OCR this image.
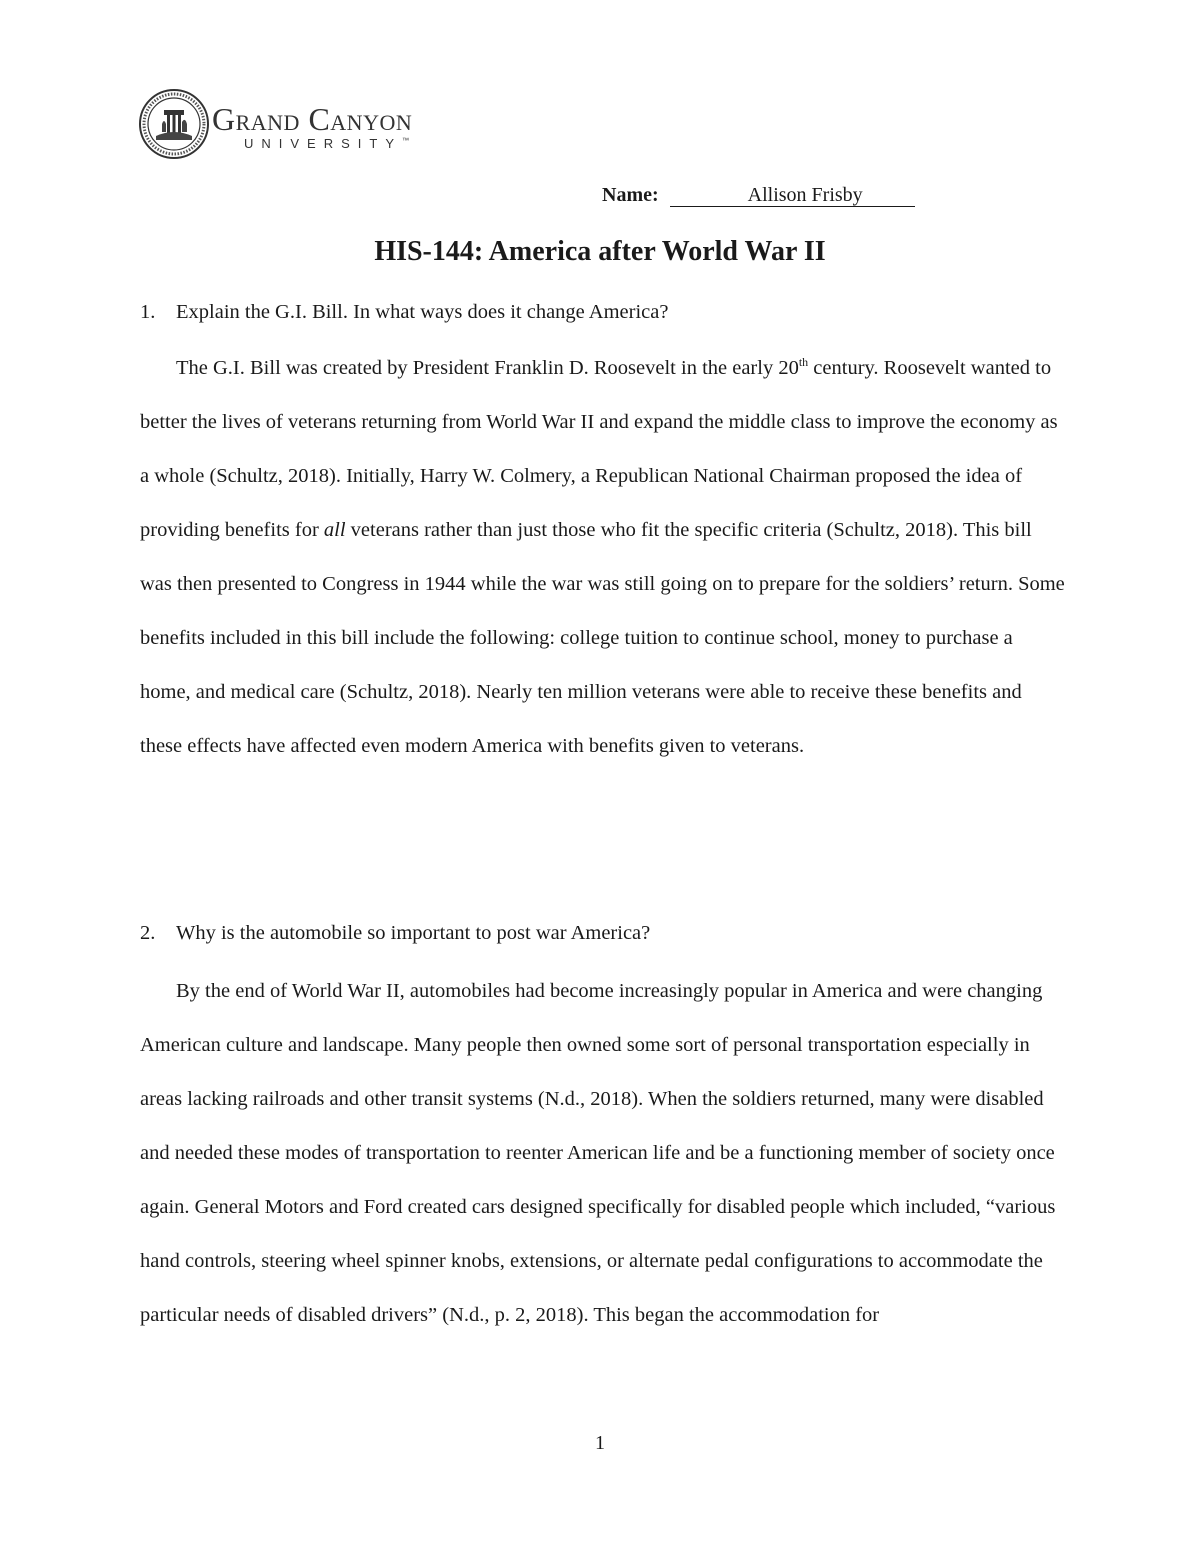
Grand Canyon
UNIVERSITY™
Name:	Allison Frisby
HIS-144: America after World War II
1. Explain the G.I. Bill. In what ways does it change America?

The G.I. Bill was created by President Franklin D. Roosevelt in the early 20th century. Roosevelt wanted to better the lives of veterans returning from World War II and expand the middle class to improve the economy as a whole (Schultz, 2018). Initially, Harry W. Colmery, a Republican National Chairman proposed the idea of providing benefits for all veterans rather than just those who fit the specific criteria (Schultz, 2018). This bill was then presented to Congress in 1944 while the war was still going on to prepare for the soldiers’ return. Some benefits included in this bill include the following: college tuition to continue school, money to purchase a home, and medical care (Schultz, 2018). Nearly ten million veterans were able to receive these benefits and these effects have affected even modern America with benefits given to veterans.

2. Why is the automobile so important to post war America?

By the end of World War II, automobiles had become increasingly popular in America and were changing American culture and landscape. Many people then owned some sort of personal transportation especially in areas lacking railroads and other transit systems (N.d., 2018). When the soldiers returned, many were disabled and needed these modes of transportation to reenter American life and be a functioning member of society once again. General Motors and Ford created cars designed specifically for disabled people which included, “various hand controls, steering wheel spinner knobs, extensions, or alternate pedal configurations to accommodate the particular needs of disabled drivers” (N.d., p. 2, 2018). This began the accommodation for

1
